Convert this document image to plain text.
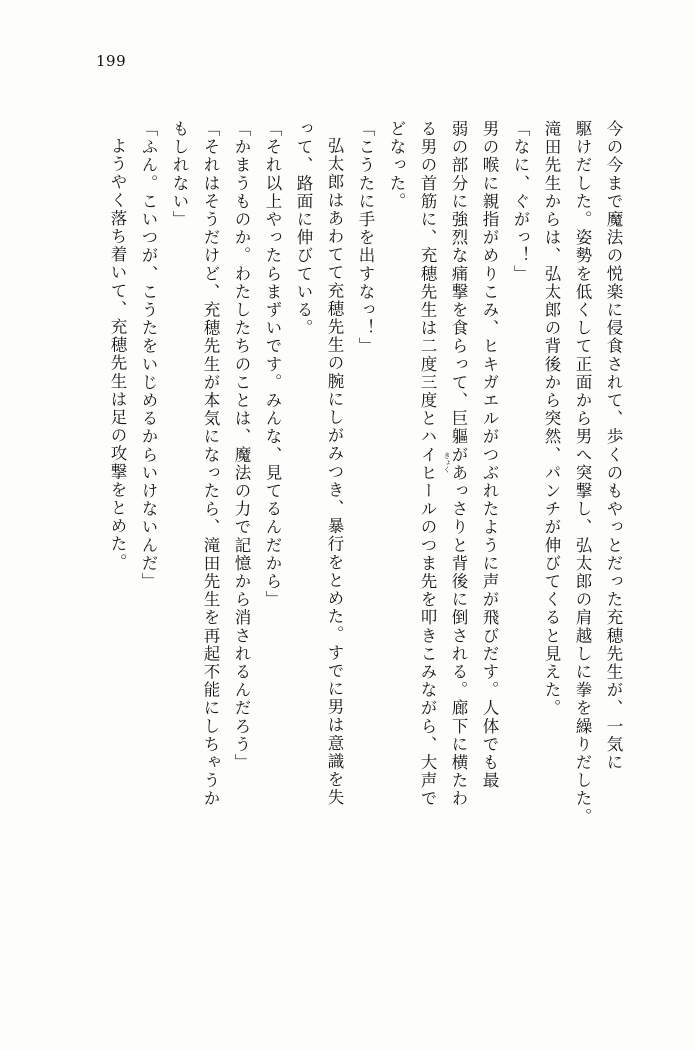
199
今の今まで魔法の悦楽に侵食されて、歩くのもやっとだった充穂先生が、一気に
駆けだした。姿勢を低くして正面から男へ突撃し、弘太郎の肩越しに拳を繰りだした。
滝田先生からは、弘太郎の背後から突然、パンチが伸びてくると見えた。
「なに、ぐがっ！」
男の喉に親指がめりこみ、ヒキガエルがつぶれたように声が飛びだす。人体でも最
弱の部分に強烈な痛撃を食らって、巨軀があっさりと背後に倒される。廊下に横たわ
る男の首筋に、充穂先生は二度三度とハイヒールのつま先を叩きこみながら、大声で
どなった。
「こうたに手を出すなっ！」
弘太郎はあわてて充穂先生の腕にしがみつき、暴行をとめた。すでに男は意識を失
って、路面に伸びている。
「それ以上やったらまずいです。みんな、見てるんだから」
「かまうものか。わたしたちのことは、魔法の力で記憶から消されるんだろう」
「それはそうだけど、充穂先生が本気になったら、滝田先生を再起不能にしちゃうか
もしれない」
「ふん。こいつが、こうたをいじめるからいけないんだ」
ようやく落ち着いて、充穂先生は足の攻撃をとめた。	きょく
